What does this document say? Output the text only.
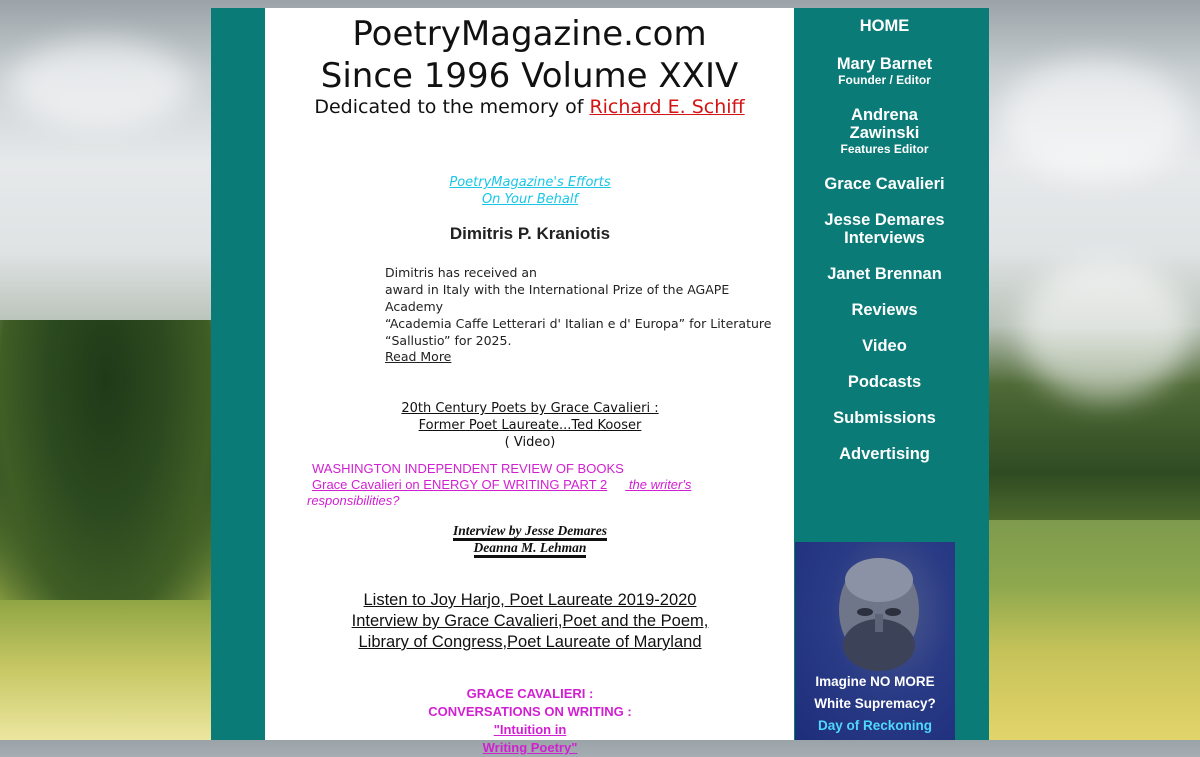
PoetryMagazine.com
Since 1996 Volume XXIV
Dedicated to the memory of Richard E. Schiff
PoetryMagazine's Efforts
On Your Behalf
Dimitris P. Kraniotis
Dimitris has received an
award in Italy with the International Prize of the AGAPE Academy
“Academia Caffe Letterari d' Italian e d' Europa” for Literature
“Sallustio” for 2025.
Read More
20th Century Poets by Grace Cavalieri :
Former Poet Laureate...Ted Kooser
( Video)
WASHINGTON INDEPENDENT REVIEW OF BOOKS
Grace Cavalieri on ENERGY OF WRITING PART 2      the writer's
responsibilities?
Interview by Jesse Demares
Deanna M. Lehman
Listen to Joy Harjo, Poet Laureate 2019-2020
Interview by Grace Cavalieri,Poet and the Poem,
Library of Congress,Poet Laureate of Maryland
GRACE CAVALIERI :
CONVERSATIONS ON WRITING :
"Intuition in
Writing Poetry"
HOME
Mary Barnet
Founder / Editor
Andrena Zawinski
Features Editor
Grace Cavalieri
Jesse Demares
Interviews
Janet Brennan
Reviews
Video
Podcasts
Submissions
Advertising
Imagine NO MORE
White Supremacy?
Day of Reckoning
